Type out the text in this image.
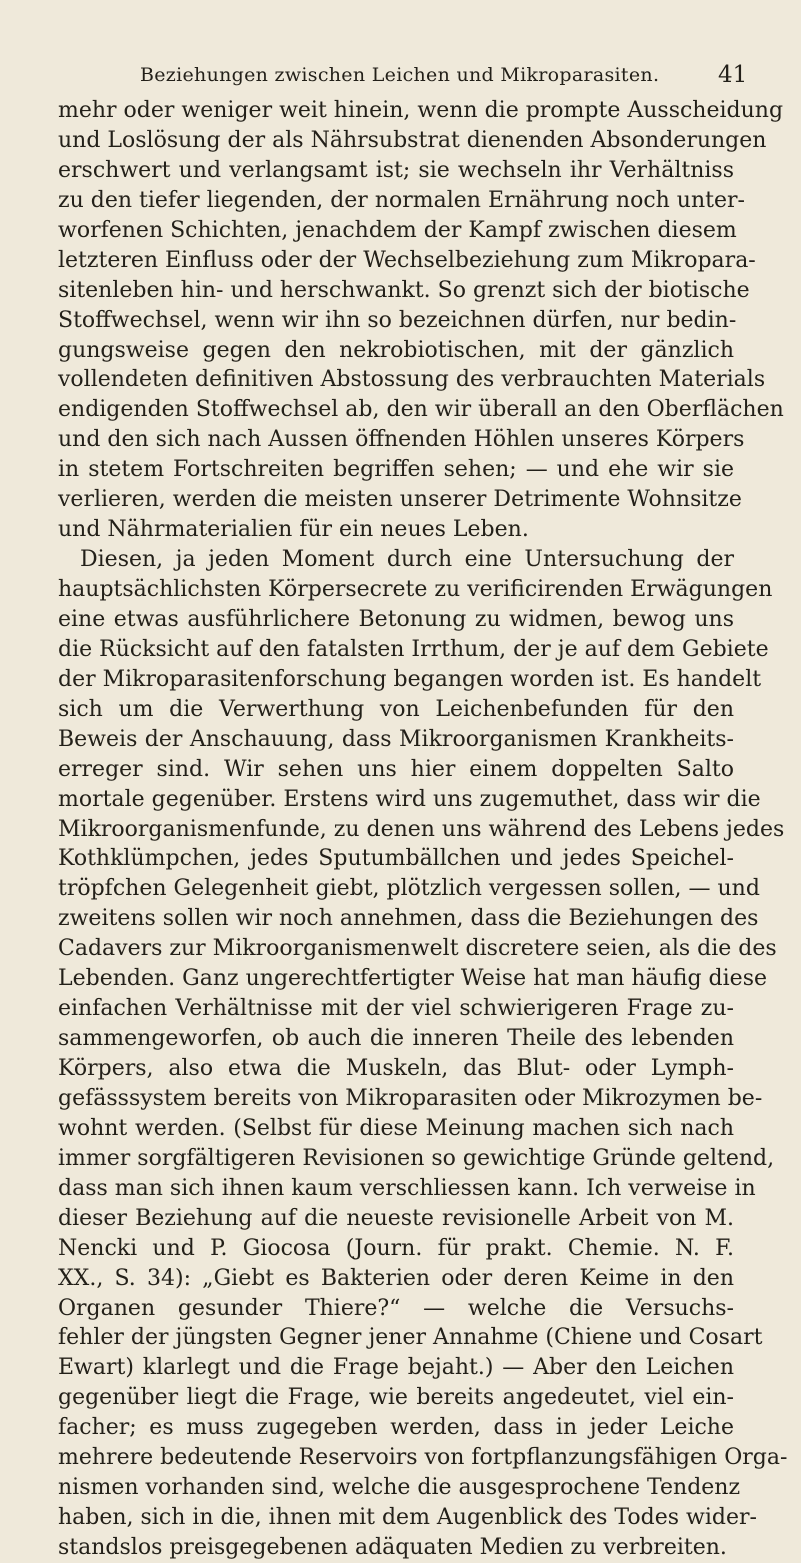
Beziehungen zwischen Leichen und Mikroparasiten.	41
mehr oder weniger weit hinein, wenn die prompte Ausscheidung
und Loslösung der als Nährsubstrat dienenden Absonderungen
erschwert und verlangsamt ist; sie wechseln ihr Verhältniss
zu den tiefer liegenden, der normalen Ernährung noch unter-
worfenen Schichten, jenachdem der Kampf zwischen diesem
letzteren Einfluss oder der Wechselbeziehung zum Mikropara-
sitenleben hin- und herschwankt. So grenzt sich der biotische
Stoffwechsel, wenn wir ihn so bezeichnen dürfen, nur bedin-
gungsweise gegen den nekrobiotischen, mit der gänzlich
vollendeten definitiven Abstossung des verbrauchten Materials
endigenden Stoffwechsel ab, den wir überall an den Oberflächen
und den sich nach Aussen öffnenden Höhlen unseres Körpers
in stetem Fortschreiten begriffen sehen; — und ehe wir sie
verlieren, werden die meisten unserer Detrimente Wohnsitze
und Nährmaterialien für ein neues Leben.
Diesen, ja jeden Moment durch eine Untersuchung der
hauptsächlichsten Körpersecrete zu verificirenden Erwägungen
eine etwas ausführlichere Betonung zu widmen, bewog uns
die Rücksicht auf den fatalsten Irrthum, der je auf dem Gebiete
der Mikroparasitenforschung begangen worden ist. Es handelt
sich um die Verwerthung von Leichenbefunden für den
Beweis der Anschauung, dass Mikroorganismen Krankheits-
erreger sind. Wir sehen uns hier einem doppelten Salto
mortale gegenüber. Erstens wird uns zugemuthet, dass wir die
Mikroorganismenfunde, zu denen uns während des Lebens jedes
Kothklümpchen, jedes Sputumbällchen und jedes Speichel-
tröpfchen Gelegenheit giebt, plötzlich vergessen sollen, — und
zweitens sollen wir noch annehmen, dass die Beziehungen des
Cadavers zur Mikroorganismenwelt discretere seien, als die des
Lebenden. Ganz ungerechtfertigter Weise hat man häufig diese
einfachen Verhältnisse mit der viel schwierigeren Frage zu-
sammengeworfen, ob auch die inneren Theile des lebenden
Körpers, also etwa die Muskeln, das Blut- oder Lymph-
gefässsystem bereits von Mikroparasiten oder Mikrozymen be-
wohnt werden. (Selbst für diese Meinung machen sich nach
immer sorgfältigeren Revisionen so gewichtige Gründe geltend,
dass man sich ihnen kaum verschliessen kann. Ich verweise in
dieser Beziehung auf die neueste revisionelle Arbeit von M.
Nencki und P. Giocosa (Journ. für prakt. Chemie. N. F.
XX., S. 34): „Giebt es Bakterien oder deren Keime in den
Organen gesunder Thiere?“ — welche die Versuchs-
fehler der jüngsten Gegner jener Annahme (Chiene und Cosart
Ewart) klarlegt und die Frage bejaht.) — Aber den Leichen
gegenüber liegt die Frage, wie bereits angedeutet, viel ein-
facher; es muss zugegeben werden, dass in jeder Leiche
mehrere bedeutende Reservoirs von fortpflanzungsfähigen Orga-
nismen vorhanden sind, welche die ausgesprochene Tendenz
haben, sich in die, ihnen mit dem Augenblick des Todes wider-
standslos preisgegebenen adäquaten Medien zu verbreiten.
